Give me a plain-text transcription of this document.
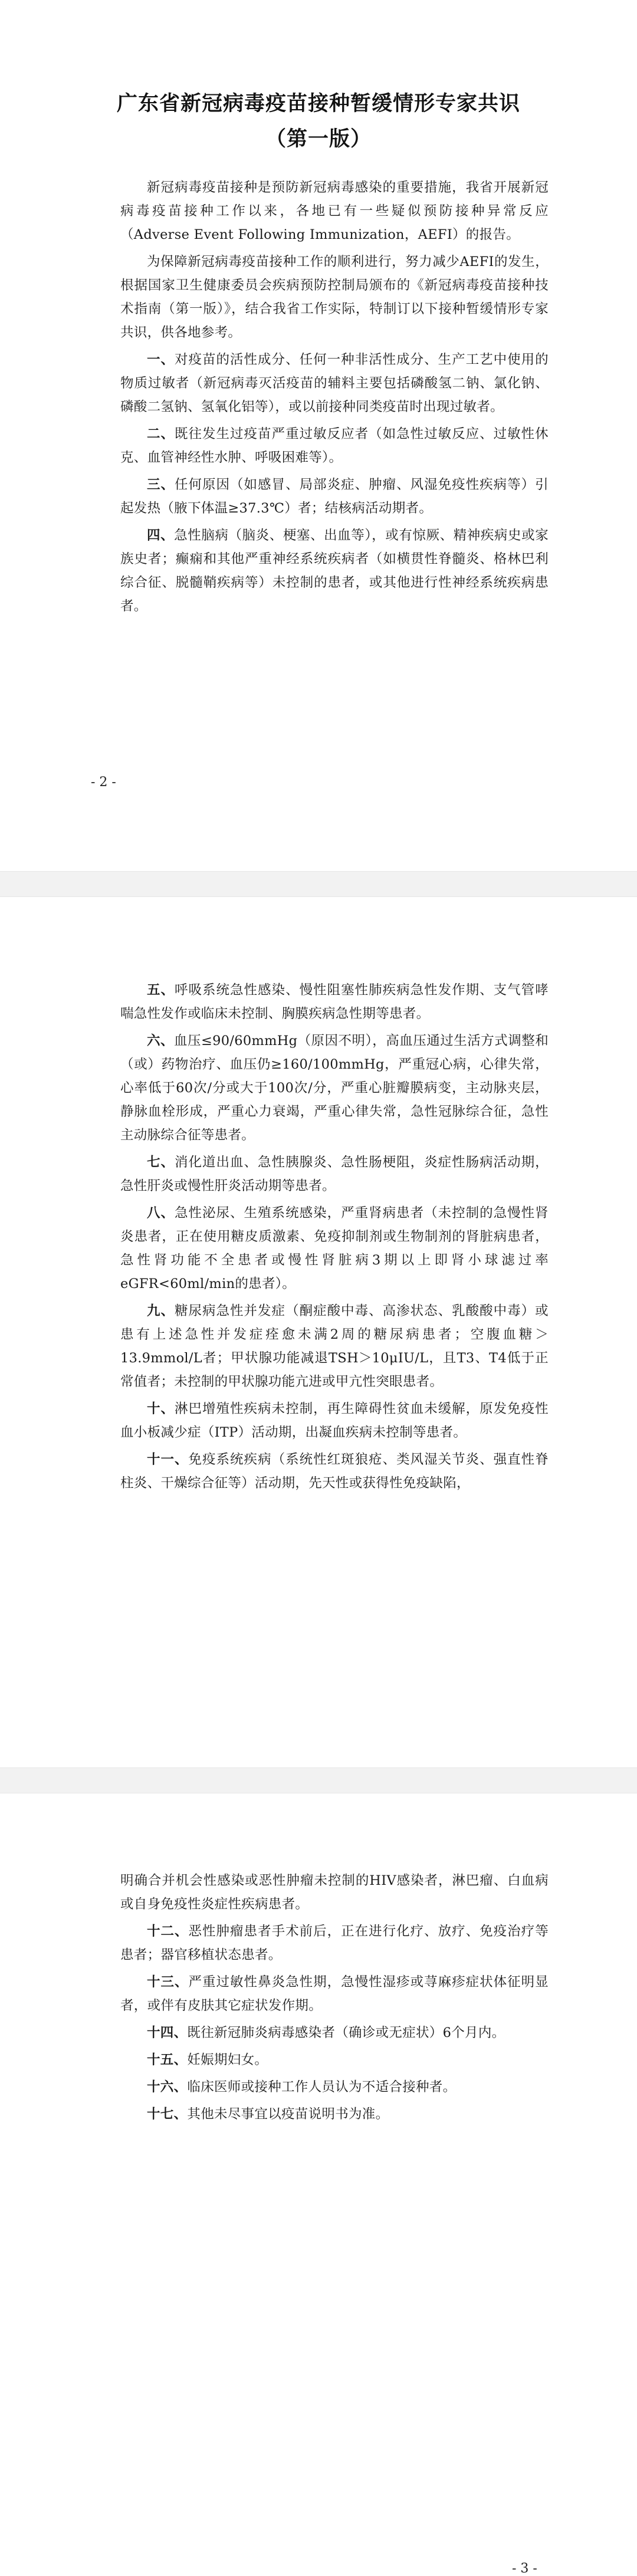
广东省新冠病毒疫苗接种暂缓情形专家共识
（第一版）

新冠病毒疫苗接种是预防新冠病毒感染的重要措施，我省开展新冠病毒疫苗接种工作以来，各地已有一些疑似预防接种异常反应（Adverse Event Following Immunization，AEFI）的报告。

为保障新冠病毒疫苗接种工作的顺利进行，努力减少AEFI的发生，根据国家卫生健康委员会疾病预防控制局颁布的《新冠病毒疫苗接种技术指南（第一版）》，结合我省工作实际，特制订以下接种暂缓情形专家共识，供各地参考。

一、对疫苗的活性成分、任何一种非活性成分、生产工艺中使用的物质过敏者（新冠病毒灭活疫苗的辅料主要包括磷酸氢二钠、氯化钠、磷酸二氢钠、氢氧化铝等），或以前接种同类疫苗时出现过敏者。

二、既往发生过疫苗严重过敏反应者（如急性过敏反应、过敏性休克、血管神经性水肿、呼吸困难等）。

三、任何原因（如感冒、局部炎症、肿瘤、风湿免疫性疾病等）引起发热（腋下体温≥37.3℃）者；结核病活动期者。

四、急性脑病（脑炎、梗塞、出血等），或有惊厥、精神疾病史或家族史者；癫痫和其他严重神经系统疾病者（如横贯性脊髓炎、格林巴利综合征、脱髓鞘疾病等）未控制的患者，或其他进行性神经系统疾病患者。

- 2 -

五、呼吸系统急性感染、慢性阻塞性肺疾病急性发作期、支气管哮喘急性发作或临床未控制、胸膜疾病急性期等患者。

六、血压≤90/60mmHg（原因不明），高血压通过生活方式调整和（或）药物治疗、血压仍≥160/100mmHg，严重冠心病，心律失常，心率低于60次/分或大于100次/分，严重心脏瓣膜病变，主动脉夹层，静脉血栓形成，严重心力衰竭，严重心律失常，急性冠脉综合征，急性主动脉综合征等患者。

七、消化道出血、急性胰腺炎、急性肠梗阻，炎症性肠病活动期，急性肝炎或慢性肝炎活动期等患者。

八、急性泌尿、生殖系统感染，严重肾病患者（未控制的急慢性肾炎患者，正在使用糖皮质激素、免疫抑制剂或生物制剂的肾脏病患者，急性肾功能不全患者或慢性肾脏病3期以上即肾小球滤过率eGFR<60ml/min的患者）。

九、糖尿病急性并发症（酮症酸中毒、高渗状态、乳酸酸中毒）或患有上述急性并发症痊愈未满2周的糖尿病患者；空腹血糖＞13.9mmol/L者；甲状腺功能减退TSH＞10μIU/L，且T3、T4低于正常值者；未控制的甲状腺功能亢进或甲亢性突眼患者。

十、淋巴增殖性疾病未控制，再生障碍性贫血未缓解，原发免疫性血小板减少症（ITP）活动期，出凝血疾病未控制等患者。

十一、免疫系统疾病（系统性红斑狼疮、类风湿关节炎、强直性脊柱炎、干燥综合征等）活动期，先天性或获得性免疫缺陷，

- 3 -

明确合并机会性感染或恶性肿瘤未控制的HIV感染者，淋巴瘤、白血病或自身免疫性炎症性疾病患者。

十二、恶性肿瘤患者手术前后，正在进行化疗、放疗、免疫治疗等患者；器官移植状态患者。

十三、严重过敏性鼻炎急性期，急慢性湿疹或荨麻疹症状体征明显者，或伴有皮肤其它症状发作期。

十四、既往新冠肺炎病毒感染者（确诊或无症状）6个月内。

十五、妊娠期妇女。

十六、临床医师或接种工作人员认为不适合接种者。

十七、其他未尽事宜以疫苗说明书为准。
